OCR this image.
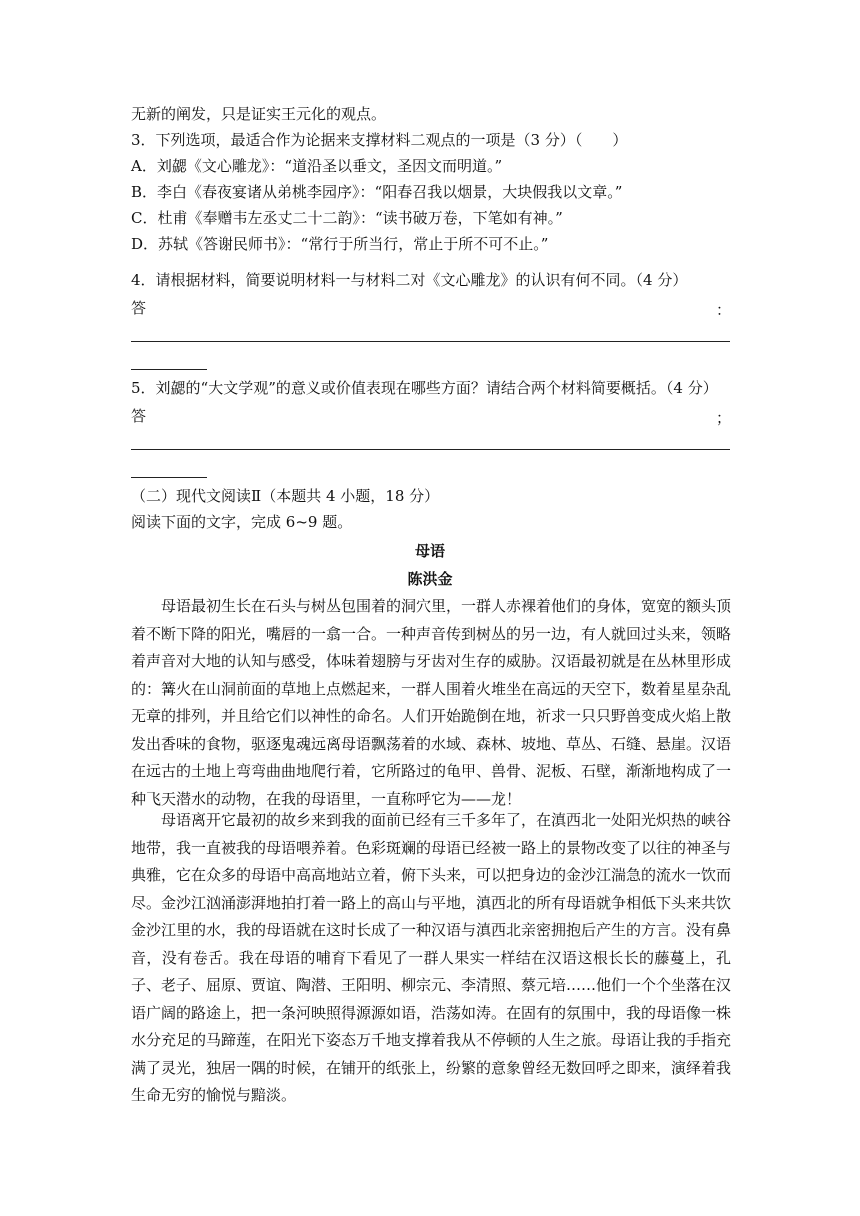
无新的阐发，只是证实王元化的观点。
3．下列选项，最适合作为论据来支撑材料二观点的一项是（3 分）（　　）
A．刘勰《文心雕龙》：“道沿圣以垂文，圣因文而明道。”
B．李白《春夜宴诸从弟桃李园序》：“阳春召我以烟景，大块假我以文章。”
C．杜甫《奉赠韦左丞丈二十二韵》：“读书破万卷，下笔如有神。”
D．苏轼《答谢民师书》：“常行于所当行，常止于所不可不止。”
4．请根据材料，简要说明材料一与材料二对《文心雕龙》的认识有何不同。（4 分）
答	：
5．刘勰的“大文学观”的意义或价值表现在哪些方面？请结合两个材料简要概括。（4 分）
答	；
（二）现代文阅读Ⅱ（本题共 4 小题，18 分）
阅读下面的文字，完成 6~9 题。
母语
陈洪金

母语最初生长在石头与树丛包围着的洞穴里，一群人赤裸着他们的身体，宽宽的额头顶着不断下降的阳光，嘴唇的一翕一合。一种声音传到树丛的另一边，有人就回过头来，领略着声音对大地的认知与感受，体味着翅膀与牙齿对生存的威胁。汉语最初就是在丛林里形成的：篝火在山洞前面的草地上点燃起来，一群人围着火堆坐在高远的天空下，数着星星杂乱无章的排列，并且给它们以神性的命名。人们开始跪倒在地，祈求一只只野兽变成火焰上散发出香味的食物，驱逐鬼魂远离母语飘荡着的水域、森林、坡地、草丛、石缝、悬崖。汉语在远古的土地上弯弯曲曲地爬行着，它所路过的龟甲、兽骨、泥板、石壁，渐渐地构成了一种飞天潜水的动物，在我的母语里，一直称呼它为——龙！

母语离开它最初的故乡来到我的面前已经有三千多年了，在滇西北一处阳光炽热的峡谷地带，我一直被我的母语喂养着。色彩斑斓的母语已经被一路上的景物改变了以往的神圣与典雅，它在众多的母语中高高地站立着，俯下头来，可以把身边的金沙江湍急的流水一饮而尽。金沙江汹涌澎湃地拍打着一路上的高山与平地，滇西北的所有母语就争相低下头来共饮金沙江里的水，我的母语就在这时长成了一种汉语与滇西北亲密拥抱后产生的方言。没有鼻音，没有卷舌。我在母语的哺育下看见了一群人果实一样结在汉语这根长长的藤蔓上，孔子、老子、屈原、贾谊、陶潜、王阳明、柳宗元、李清照、蔡元培……他们一个个坐落在汉语广阔的路途上，把一条河映照得源源如语，浩荡如涛。在固有的氛围中，我的母语像一株水分充足的马蹄莲，在阳光下姿态万千地支撑着我从不停顿的人生之旅。母语让我的手指充满了灵光，独居一隅的时候，在铺开的纸张上，纷繁的意象曾经无数回呼之即来，演绎着我生命无穷的愉悦与黯淡。
